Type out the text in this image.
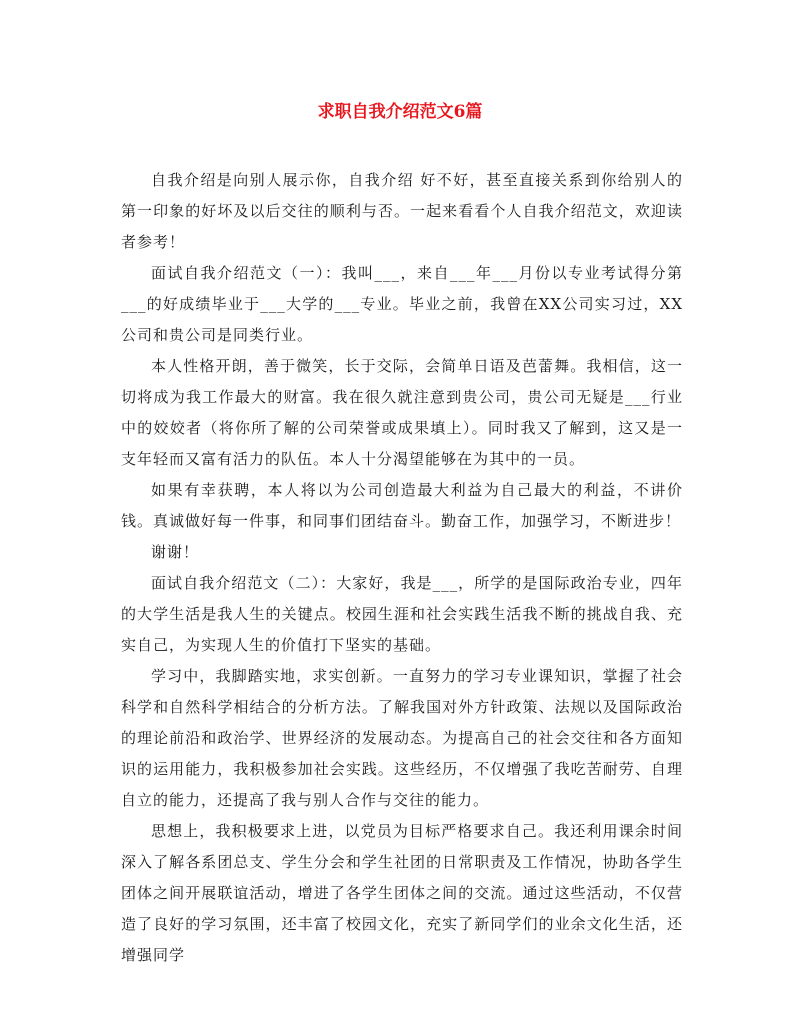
求职自我介绍范文6篇

自我介绍是向别人展示你，自我介绍 好不好，甚至直接关系到你给别人的第一印象的好坏及以后交往的顺利与否。一起来看看个人自我介绍范文，欢迎读者参考！

面试自我介绍范文（一）：我叫___，来自___年___月份以专业考试得分第___的好成绩毕业于___大学的___专业。毕业之前，我曾在XX公司实习过，XX公司和贵公司是同类行业。

本人性格开朗，善于微笑，长于交际，会简单日语及芭蕾舞。我相信，这一切将成为我工作最大的财富。我在很久就注意到贵公司，贵公司无疑是___行业中的姣姣者（将你所了解的公司荣誉或成果填上）。同时我又了解到，这又是一支年轻而又富有活力的队伍。本人十分渴望能够在为其中的一员。

如果有幸获聘，本人将以为公司创造最大利益为自己最大的利益，不讲价钱。真诚做好每一件事，和同事们团结奋斗。勤奋工作，加强学习，不断进步！

谢谢！

面试自我介绍范文（二）：大家好，我是___，所学的是国际政治专业，四年的大学生活是我人生的关键点。校园生涯和社会实践生活我不断的挑战自我、充实自己，为实现人生的价值打下坚实的基础。

学习中，我脚踏实地，求实创新。一直努力的学习专业课知识，掌握了社会科学和自然科学相结合的分析方法。了解我国对外方针政策、法规以及国际政治的理论前沿和政治学、世界经济的发展动态。为提高自己的社会交往和各方面知识的运用能力，我积极参加社会实践。这些经历，不仅增强了我吃苦耐劳、自理自立的能力，还提高了我与别人合作与交往的能力。

思想上，我积极要求上进，以党员为目标严格要求自己。我还利用课余时间深入了解各系团总支、学生分会和学生社团的日常职责及工作情况，协助各学生团体之间开展联谊活动，增进了各学生团体之间的交流。通过这些活动，不仅营造了良好的学习氛围，还丰富了校园文化，充实了新同学们的业余文化生活，还增强同学
